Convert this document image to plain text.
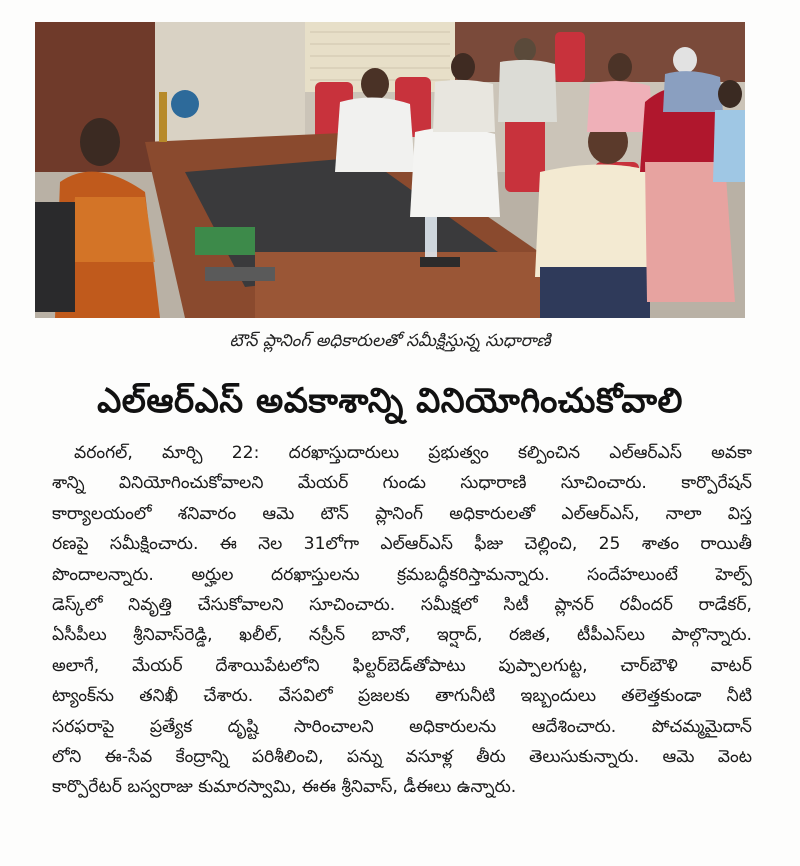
టౌన్ ప్లానింగ్ అధికారులతో సమీక్షిస్తున్న సుధారాణి
ఎల్ఆర్ఎస్ అవకాశాన్ని వినియోగించుకోవాలి
వరంగల్, మార్చి 22: దరఖాస్తుదారులు ప్రభుత్వం కల్పించిన ఎల్ఆర్ఎస్ అవకా
శాన్ని వినియోగించుకోవాలని మేయర్ గుండు సుధారాణి సూచించారు. కార్పొరేషన్
కార్యాలయంలో శనివారం ఆమె టౌన్ ప్లానింగ్ అధికారులతో ఎల్ఆర్ఎస్, నాలా విస్త
రణపై సమీక్షించారు. ఈ నెల 31లోగా ఎల్ఆర్ఎస్ ఫీజు చెల్లించి, 25 శాతం రాయితీ
పొందాలన్నారు. అర్హుల దరఖాస్తులను క్రమబద్ధీకరిస్తామన్నారు. సందేహలుంటే హెల్ప్
డెస్క్‌లో నివృత్తి చేసుకోవాలని సూచించారు. సమీక్షలో సిటీ ప్లానర్ రవీందర్ రాడేకర్,
ఏసీపీలు శ్రీనివాస్‌రెడ్డి, ఖలీల్, నస్రీన్ బానో, ఇర్షాద్, రజిత, టీపీఎస్‌లు పాల్గొన్నారు.
అలాగే, మేయర్ దేశాయిపేటలోని ఫిల్టర్‌బెడ్‌తోపాటు పుప్పాలగుట్ట, చార్‌బౌళి వాటర్
ట్యాంక్‌ను తనిఖీ చేశారు. వేసవిలో ప్రజలకు తాగునీటి ఇబ్బందులు తలెత్తకుండా నీటి
సరఫరాపై ప్రత్యేక దృష్టి సారించాలని అధికారులను ఆదేశించారు. పోచమ్మమైదాన్
లోని ఈ-సేవ కేంద్రాన్ని పరిశీలించి, పన్ను వసూళ్ల తీరు తెలుసుకున్నారు. ఆమె వెంట
కార్పొరేటర్ బస్వరాజు కుమారస్వామి, ఈఈ శ్రీనివాస్, డీఈలు ఉన్నారు.
